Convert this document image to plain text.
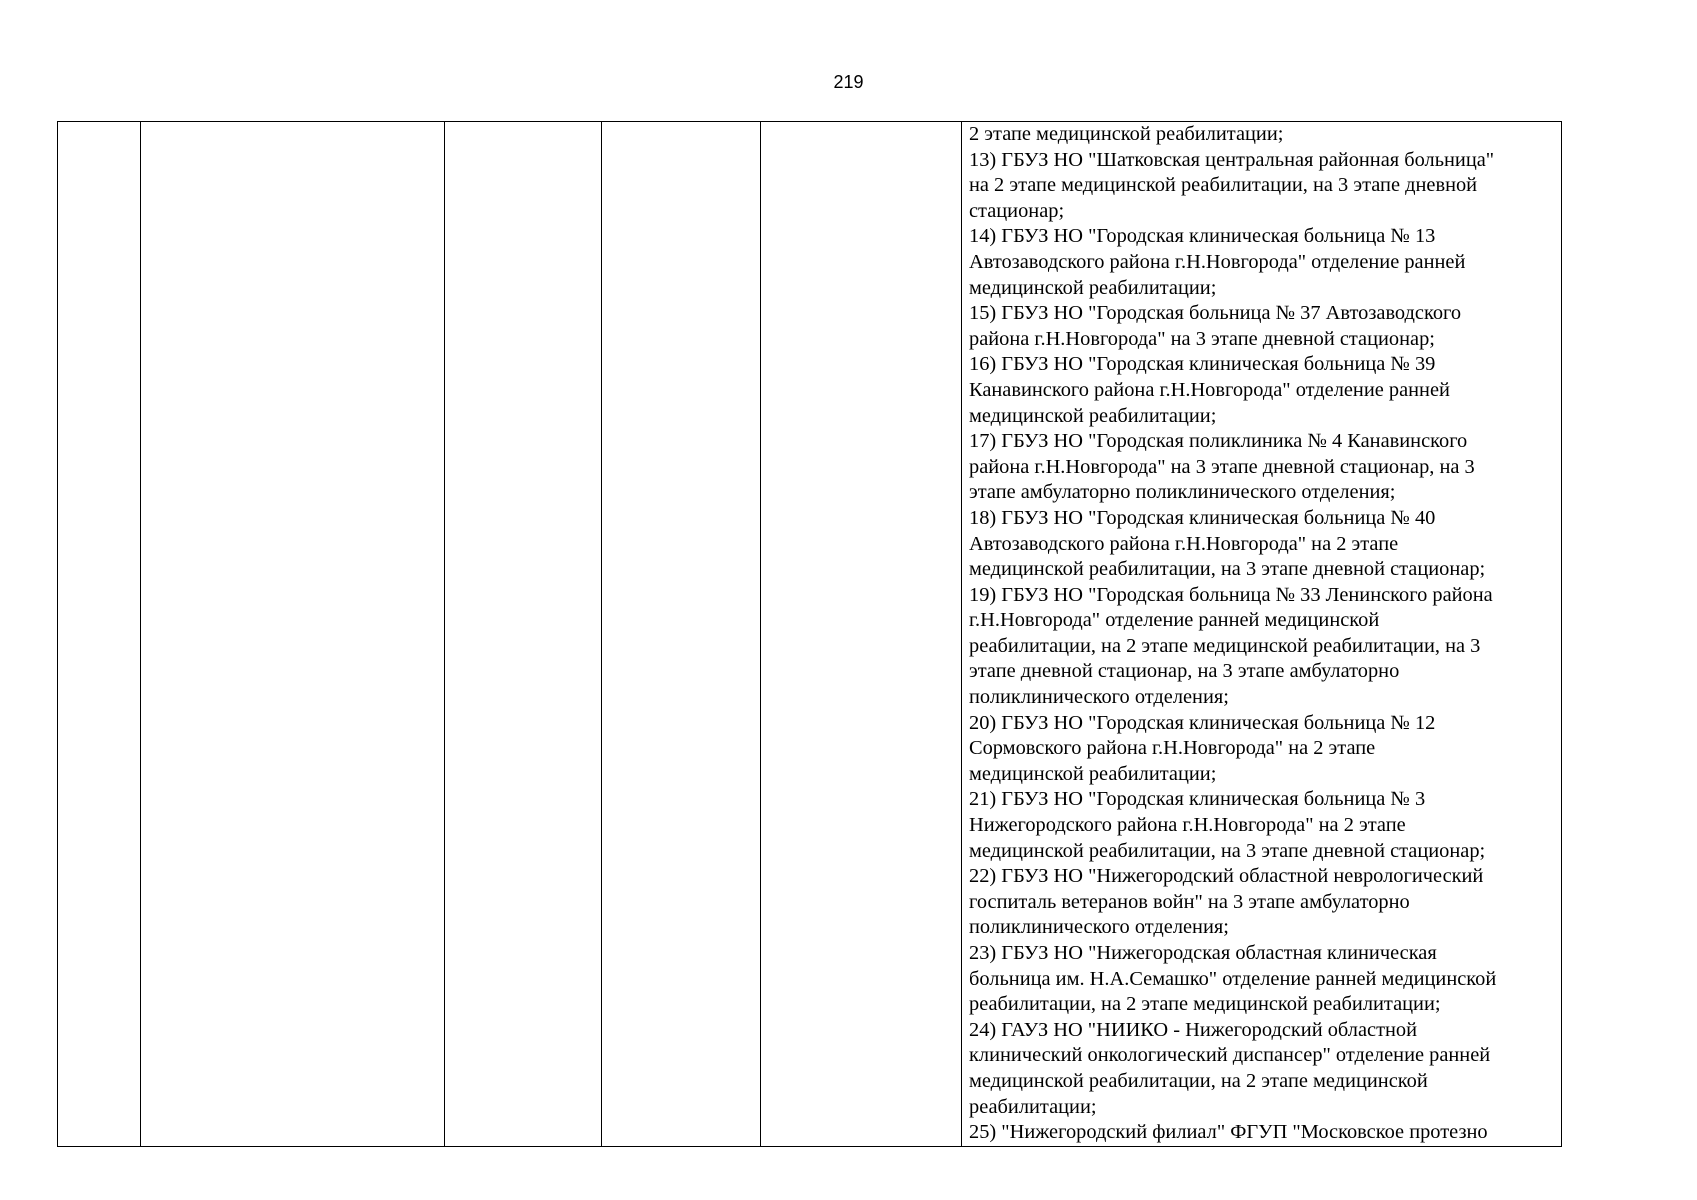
219

2 этапе медицинской реабилитации;
13) ГБУЗ НО "Шатковская центральная районная больница"
на 2 этапе медицинской реабилитации, на 3 этапе дневной
стационар;
14) ГБУЗ НО "Городская клиническая больница № 13
Автозаводского района г.Н.Новгорода" отделение ранней
медицинской реабилитации;
15) ГБУЗ НО "Городская больница № 37 Автозаводского
района г.Н.Новгорода" на 3 этапе дневной стационар;
16) ГБУЗ НО "Городская клиническая больница № 39
Канавинского района г.Н.Новгорода" отделение ранней
медицинской реабилитации;
17) ГБУЗ НО "Городская поликлиника № 4 Канавинского
района г.Н.Новгорода" на 3 этапе дневной стационар, на 3
этапе амбулаторно поликлинического отделения;
18) ГБУЗ НО "Городская клиническая больница № 40
Автозаводского района г.Н.Новгорода" на 2 этапе
медицинской реабилитации, на 3 этапе дневной стационар;
19) ГБУЗ НО "Городская больница № 33 Ленинского района
г.Н.Новгорода" отделение ранней медицинской
реабилитации, на 2 этапе медицинской реабилитации, на 3
этапе дневной стационар, на 3 этапе амбулаторно
поликлинического отделения;
20) ГБУЗ НО "Городская клиническая больница № 12
Сормовского района г.Н.Новгорода" на 2 этапе
медицинской реабилитации;
21) ГБУЗ НО "Городская клиническая больница № 3
Нижегородского района г.Н.Новгорода" на 2 этапе
медицинской реабилитации, на 3 этапе дневной стационар;
22) ГБУЗ НО "Нижегородский областной неврологический
госпиталь ветеранов войн" на 3 этапе амбулаторно
поликлинического отделения;
23) ГБУЗ НО "Нижегородская областная клиническая
больница им. Н.А.Семашко" отделение ранней медицинской
реабилитации, на 2 этапе медицинской реабилитации;
24) ГАУЗ НО "НИИКО - Нижегородский областной
клинический онкологический диспансер" отделение ранней
медицинской реабилитации, на 2 этапе медицинской
реабилитации;
25) "Нижегородский филиал" ФГУП "Московское протезно
